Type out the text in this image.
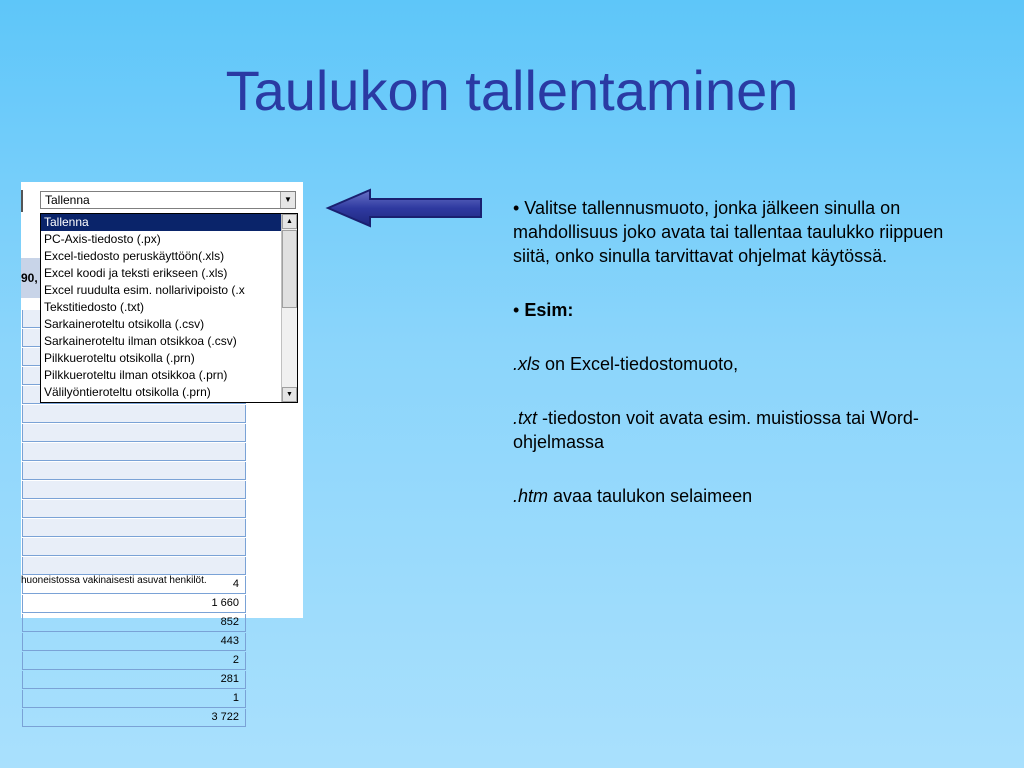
Taulukon tallentaminen
Tallenna	▼
90,
4
1 660
852
443
2
281
1
3 722
huoneistossa vakinaisesti asuvat henkilöt.
Tallenna
PC-Axis-tiedosto (.px)
Excel-tiedosto peruskäyttöön(.xls)
Excel koodi ja teksti erikseen (.xls)
Excel ruudulta esim. nollarivipoisto (.x
Tekstitiedosto (.txt)
Sarkaineroteltu otsikolla (.csv)
Sarkaineroteltu ilman otsikkoa (.csv)
Pilkkueroteltu otsikolla (.prn)
Pilkkueroteltu ilman otsikkoa (.prn)
Välilyöntieroteltu otsikolla (.prn)
▲
▼

• Valitse tallennusmuoto, jonka jälkeen sinulla on mahdollisuus joko avata tai tallentaa taulukko riippuen siitä, onko sinulla tarvittavat ohjelmat käytössä.

• Esim:

.xls on Excel-tiedostomuoto,

.txt -tiedoston voit avata esim. muistiossa tai Word-ohjelmassa

.htm avaa taulukon selaimeen
